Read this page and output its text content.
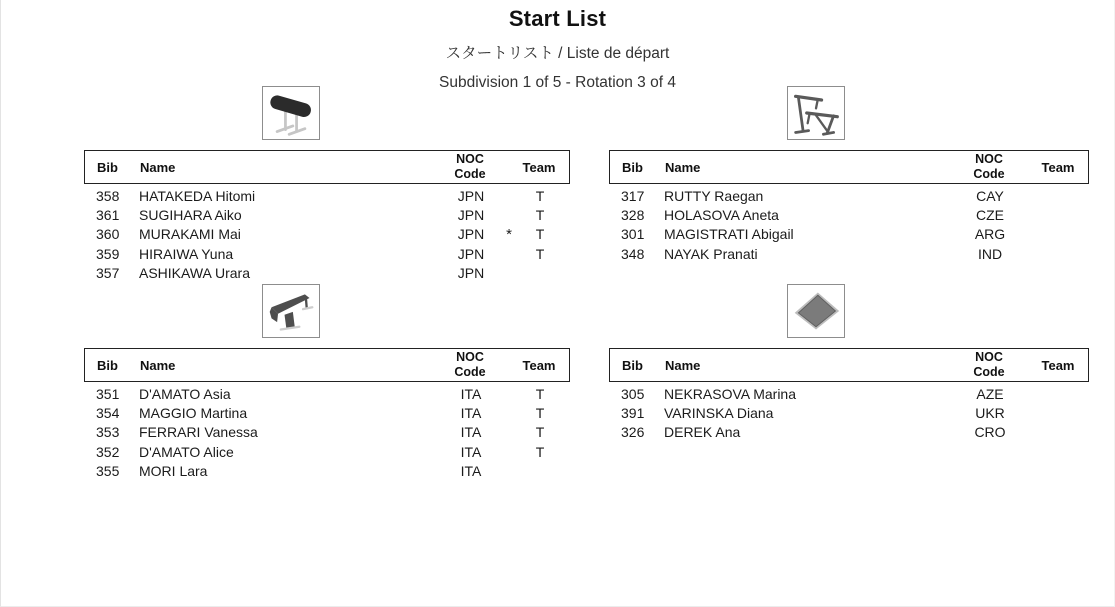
Start List
スタートリスト / Liste de départ
Subdivision 1 of 5 - Rotation 3 of 4
Bib	Name
NOC
Code	Team
358	HATAKEDA Hitomi	JPN	T
361	SUGIHARA Aiko	JPN	T
360	MURAKAMI Mai	JPN	*	T
359	HIRAIWA Yuna	JPN	T
357	ASHIKAWA Urara	JPN
Bib	Name
NOC
Code	Team
317	RUTTY Raegan	CAY
328	HOLASOVA Aneta	CZE
301	MAGISTRATI Abigail	ARG
348	NAYAK Pranati	IND
Bib	Name
NOC
Code	Team
351	D'AMATO Asia	ITA	T
354	MAGGIO Martina	ITA	T
353	FERRARI Vanessa	ITA	T
352	D'AMATO Alice	ITA	T
355	MORI Lara	ITA
Bib	Name
NOC
Code	Team
305	NEKRASOVA Marina	AZE
391	VARINSKA Diana	UKR
326	DEREK Ana	CRO
